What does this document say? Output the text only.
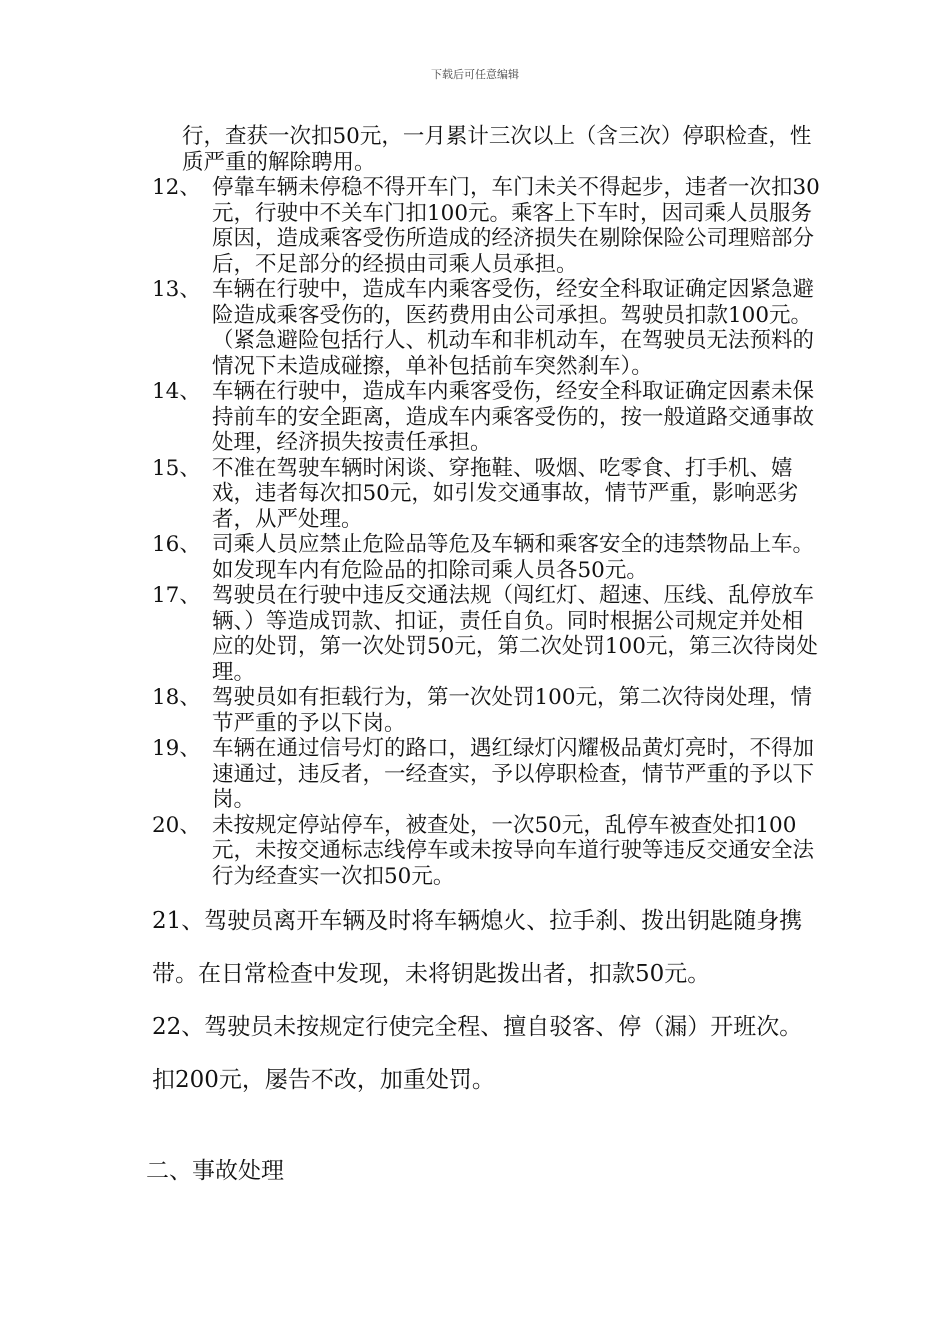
下载后可任意编辑
行，查获一次扣50元，一月累计三次以上（含三次）停职检查，性质严重的解除聘用。
12、 停靠车辆未停稳不得开车门，车门未关不得起步，违者一次扣30元，行驶中不关车门扣100元。乘客上下车时，因司乘人员服务原因，造成乘客受伤所造成的经济损失在剔除保险公司理赔部分后，不足部分的经损由司乘人员承担。
13、 车辆在行驶中，造成车内乘客受伤，经安全科取证确定因紧急避险造成乘客受伤的，医药费用由公司承担。驾驶员扣款100元。（紧急避险包括行人、机动车和非机动车，在驾驶员无法预料的情况下未造成碰擦，单补包括前车突然刹车）。
14、 车辆在行驶中，造成车内乘客受伤，经安全科取证确定因素未保持前车的安全距离，造成车内乘客受伤的，按一般道路交通事故处理，经济损失按责任承担。
15、 不准在驾驶车辆时闲谈、穿拖鞋、吸烟、吃零食、打手机、嬉戏，违者每次扣50元，如引发交通事故，情节严重，影响恶劣者，从严处理。
16、 司乘人员应禁止危险品等危及车辆和乘客安全的违禁物品上车。如发现车内有危险品的扣除司乘人员各50元。
17、 驾驶员在行驶中违反交通法规（闯红灯、超速、压线、乱停放车辆、）等造成罚款、扣证，责任自负。同时根据公司规定并处相应的处罚，第一次处罚50元，第二次处罚100元，第三次待岗处理。
18、 驾驶员如有拒载行为，第一次处罚100元，第二次待岗处理，情节严重的予以下岗。
19、 车辆在通过信号灯的路口，遇红绿灯闪耀极品黄灯亮时，不得加速通过，违反者，一经查实，予以停职检查，情节严重的予以下岗。
20、 未按规定停站停车，被查处，一次50元，乱停车被查处扣100元，未按交通标志线停车或未按导向车道行驶等违反交通安全法行为经查实一次扣50元。
21、驾驶员离开车辆及时将车辆熄火、拉手刹、拨出钥匙随身携带。在日常检查中发现，未将钥匙拨出者，扣款50元。
22、驾驶员未按规定行使完全程、擅自驳客、停（漏）开班次。扣200元，屡告不改，加重处罚。
二、事故处理
